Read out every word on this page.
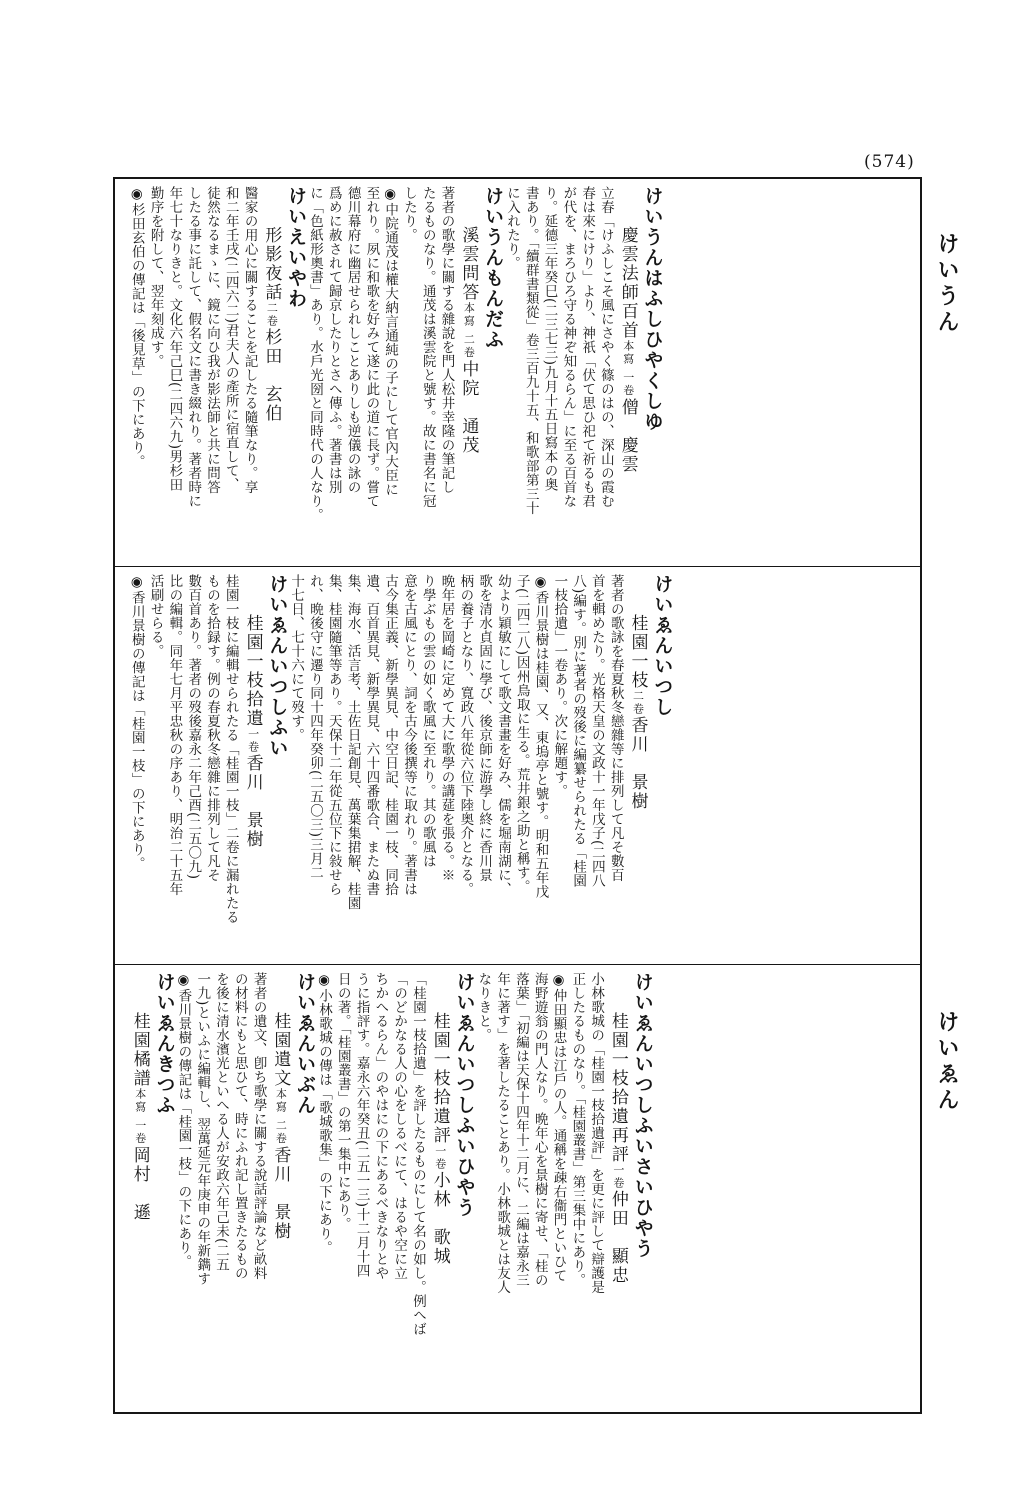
(574)
けいうん
けいゑん
けいうんはふしひやくしゆ
慶雲法師百首本寫 一卷僧　慶雲
立春「けふしこそ風にさやく篠のはの、深山の霞む
春は來にけり」より、神祇「伏て思ひ祀て祈るも君
が代を、まろひろ守る神ぞ知るらん」に至る百首な
り。延德三年癸巳(二三七三)九月十五日寫本の奥
書あり。「續群書類從」卷三百九十五、和歌部第三十
に入れたり。
けいうんもんだふ
溪雲問答本寫 二卷中院　通茂
著者の歌學に關する雜說を門人松井幸隆の筆記し
たるものなり。通茂は溪雲院と號す。故に書名に冠
したり。
◉中院通茂は權大納言通純の子にして官內大臣に
至れり。夙に和歌を好みて遂に此の道に長ず。嘗て
德川幕府に幽居せられしことありしも逆儀の詠の
爲めに赦されて歸京したりとさへ傳ふ。著書は別
に「色紙形奧書」あり。水戶光圀と同時代の人なり。
けいえいやわ
形影夜話二卷杉田　玄伯
醫家の用心に關することを記したる隨筆なり。享
和二年壬戌(二四六二)君夫人の產所に宿直して、
徒然なるまゝに、鏡に向ひ我が影法師と共に問答
したる事に託して、假名文に書き綴れり。著者時に
年七十なりきと。文化六年己巳(二四六九)男杉田
勤序を附して、翌年刻成す。
◉杉田玄伯の傳記は「後見草」の下にあり。
けいゑんいつし
桂園一枝二卷香川　景樹
著者の歌詠を春夏秋冬戀雜等に排列して凡そ數百
首を輯めたり。光格天皇の文政十一年戊子(二四八
八)編す。別に著者の歿後に編纂せられたる「桂園
一枝拾遺」一卷あり。次に解題す。
◉香川景樹は桂園、又、東塢亭と號す。明和五年戊
子(二四二八)因州鳥取に生る。荒井銀之助と稱す。
幼より穎敏にして歌文書畫を好み、儒を堀南湖に、
歌を清水貞固に學び、後京師に游學し終に香川景
柄の養子となり、寬政八年從六位下陸奥介となる。
晩年居を岡崎に定めて大に歌學の講莚を張る。※
り學ぶもの雲の如く歌風に至れり。其の歌風は
意を古風にとり、詞を古今後撰等に取れり。著書は
古今集正義、新學異見、中空日記、桂園一枝、同拾
遺、百首異見、新學異見、六十四番歌合、またぬ書
集、海水、活言考、土佐日記創見、萬葉集捃解、桂園
集、桂園隨筆等あり。天保十二年從五位下に敍せら
れ、晩後守に遷り同十四年癸卯(二五〇三)三月二
十七日、七十六にて歿す。
けいゑんいつしふい
桂園一枝拾遺一卷香川　景樹
桂園一枝に編輯せられたる「桂園一枝」二卷に漏れたる
ものを拾録す。例の春夏秋冬戀雜に排列して凡そ
數百首あり。著者の歿後嘉永二年己酉(二五〇九)
比の編輯。同年七月平忠秋の序あり、明治二十五年
活刷せらる。
◉香川景樹の傳記は「桂園一枝」の下にあり。
けいゑんいつしふいさいひやう
桂園一枝拾遺再評一卷仲田　顯忠
小林歌城の「桂園一枝拾遺評」を更に評して辯護是
正したるものなり。「桂園叢書」第三集中にあり。
◉仲田顯忠は江戶の人。通稱を疎右衞門といひて
海野遊翁の門人なり。晩年心を景樹に寄せ、「桂の
落葉」「初編は天保十四年十二月に、二編は嘉永三
年に著す」を著したることあり。小林歌城とは友人
なりきと。
けいゑんいつしふいひやう
桂園一枝拾遺評一卷小林　歌城
「桂園一枝拾遺」を評したるものにして名の如し。例へば
「のどかなる人の心をしるべにて、はるや空に立
ちかへるらん」のやはにの下にあるべきなりとや
うに指評す。嘉永六年癸丑(二五一三)十二月十四
日の著。「桂園叢書」の第一集中にあり。
◉小林歌城の傳は「歌城歌集」の下にあり。
けいゑんいぶん
桂園遺文本寫 二卷香川　景樹
著者の遺文、卽ち歌學に關する說話評論など畝料
の材料にもと思ひて、時にふれ記し置きたるもの
を後に清水濱光といへる人が安政六年己未(二五
一九)といふに編輯し、翌萬延元年庚申の年新鐫す
◉香川景樹の傳記は「桂園一枝」の下にあり。
けいゑんきつふ
桂園橘譜本寫 一卷岡村　遜
